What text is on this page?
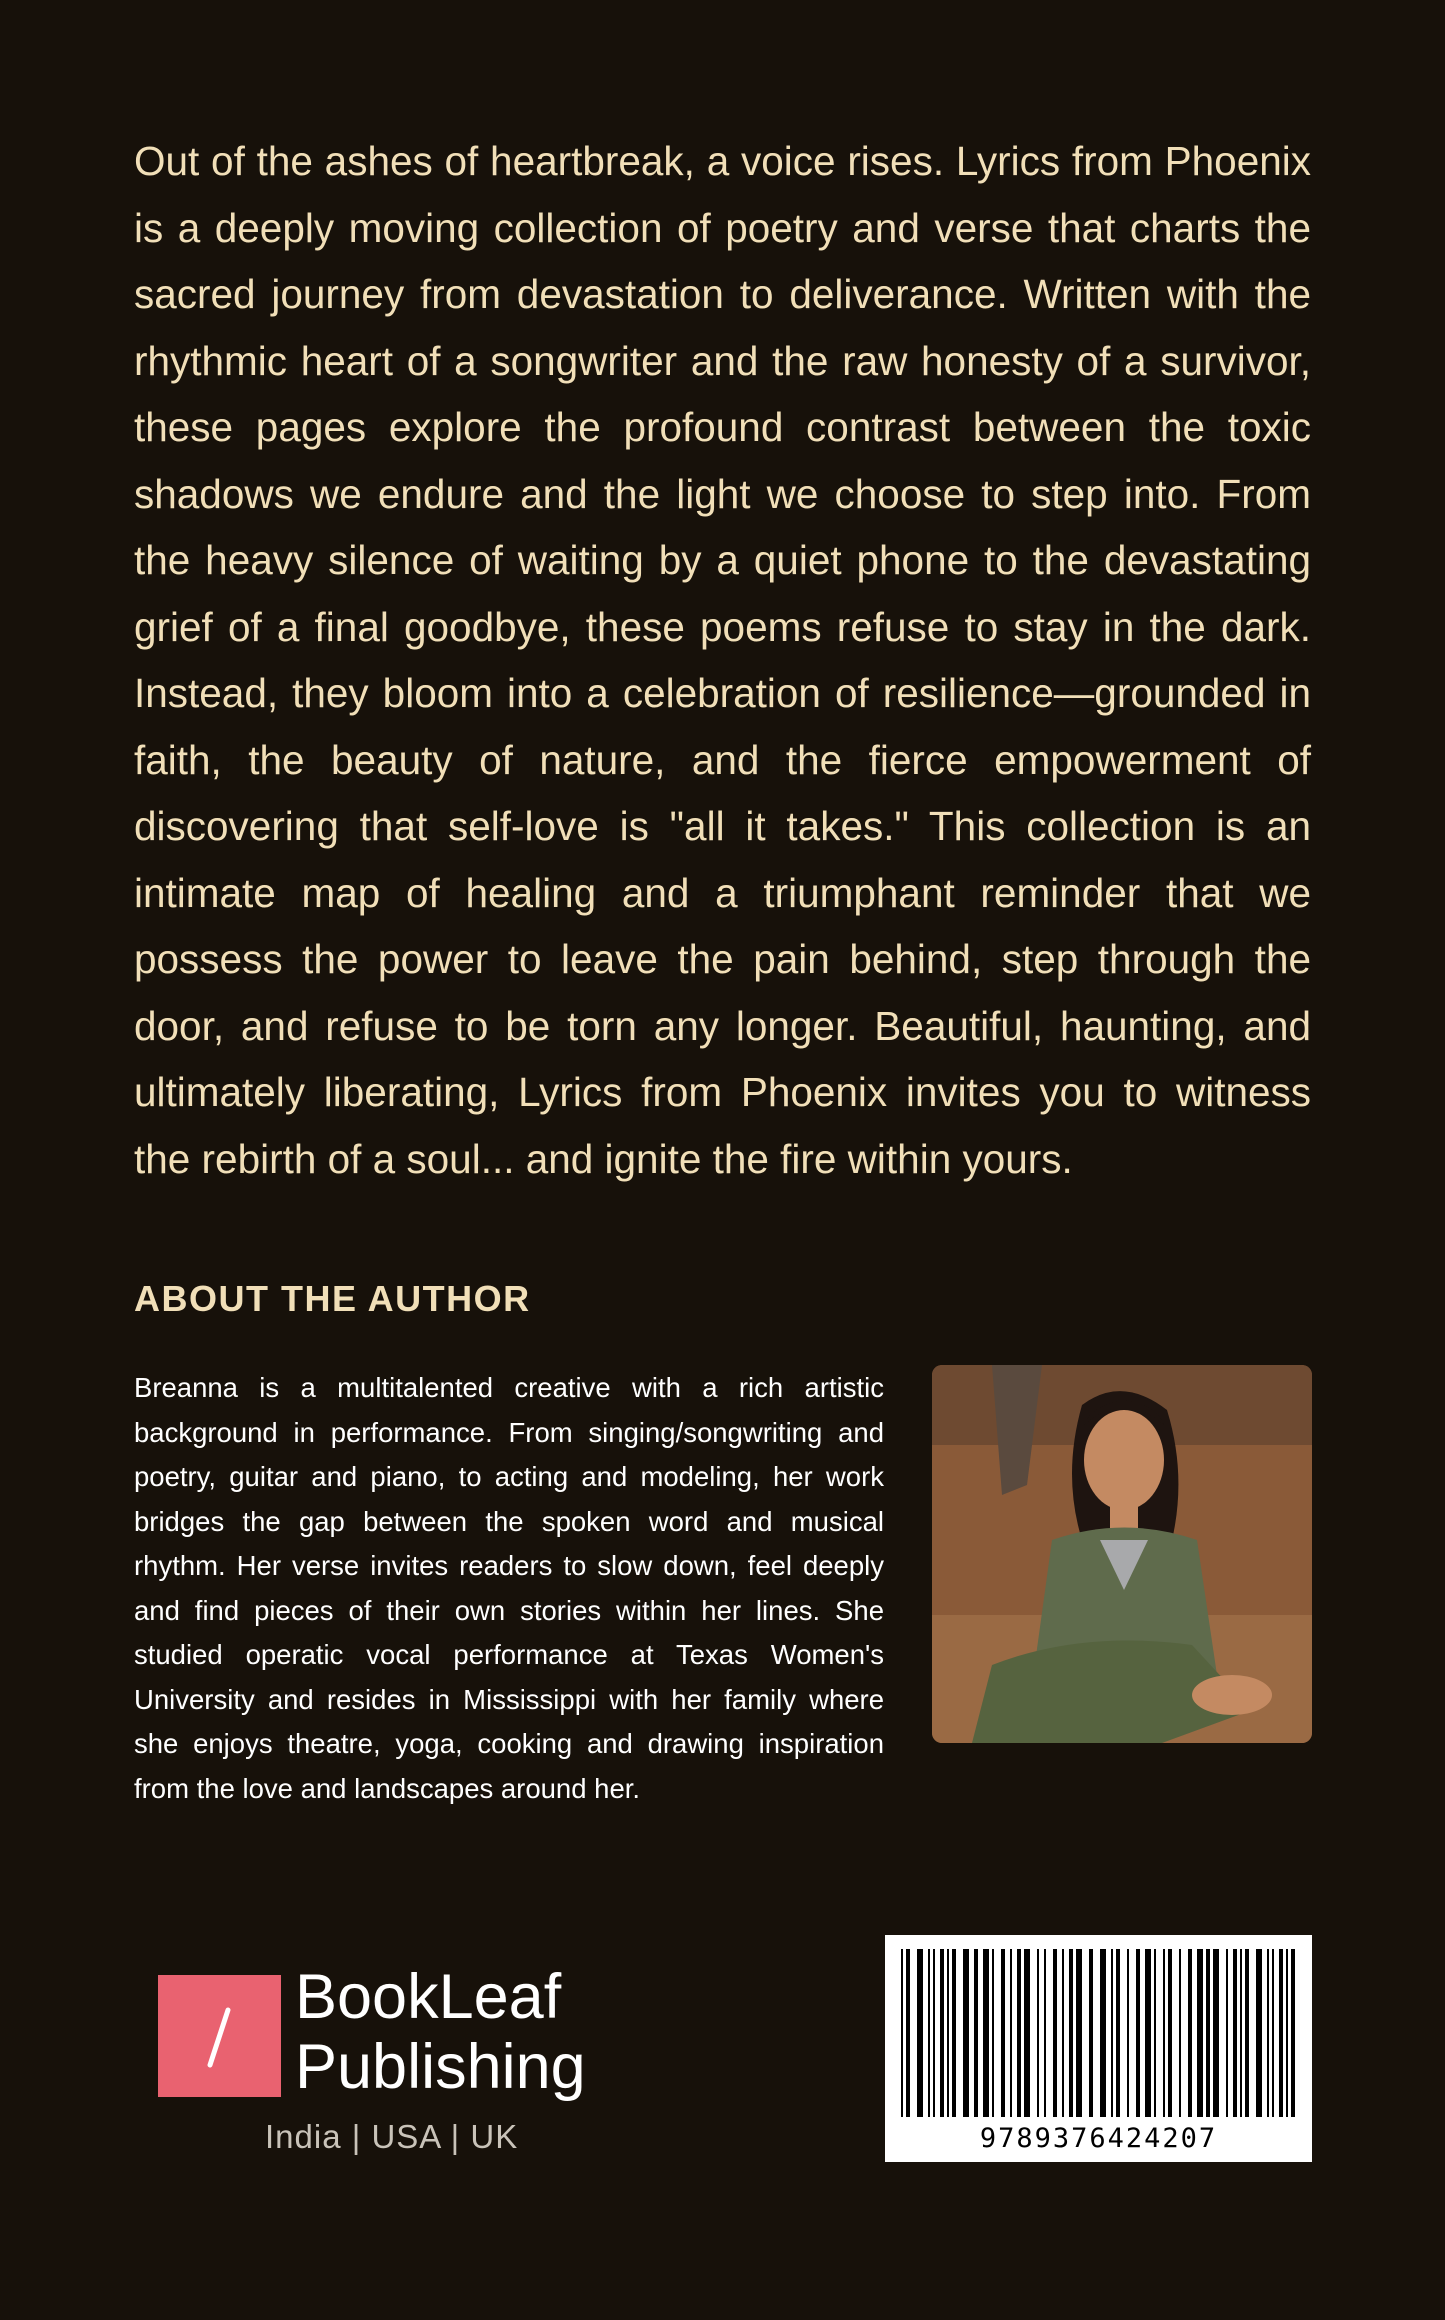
Out of the ashes of heartbreak, a voice rises. Lyrics from Phoenix is a deeply moving collection of poetry and verse that charts the sacred journey from devastation to deliverance. Written with the rhythmic heart of a songwriter and the raw honesty of a survivor, these pages explore the profound contrast between the toxic shadows we endure and the light we choose to step into. From the heavy silence of waiting by a quiet phone to the devastating grief of a final goodbye, these poems refuse to stay in the dark. Instead, they bloom into a celebration of resilience—grounded in faith, the beauty of nature, and the fierce empowerment of discovering that self-love is "all it takes." This collection is an intimate map of healing and a triumphant reminder that we possess the power to leave the pain behind, step through the door, and refuse to be torn any longer. Beautiful, haunting, and ultimately liberating, Lyrics from Phoenix invites you to witness the rebirth of a soul... and ignite the fire within yours.

ABOUT THE AUTHOR

Breanna is a multitalented creative with a rich artistic background in performance. From singing/songwriting and poetry, guitar and piano, to acting and modeling, her work bridges the gap between the spoken word and musical rhythm. Her verse invites readers to slow down, feel deeply and find pieces of their own stories within her lines. She studied operatic vocal performance at Texas Women's University and resides in Mississippi with her family where she enjoys theatre, yoga, cooking and drawing inspiration from the love and landscapes around her.

BookLeaf
Publishing
India | USA | UK	9789376424207
